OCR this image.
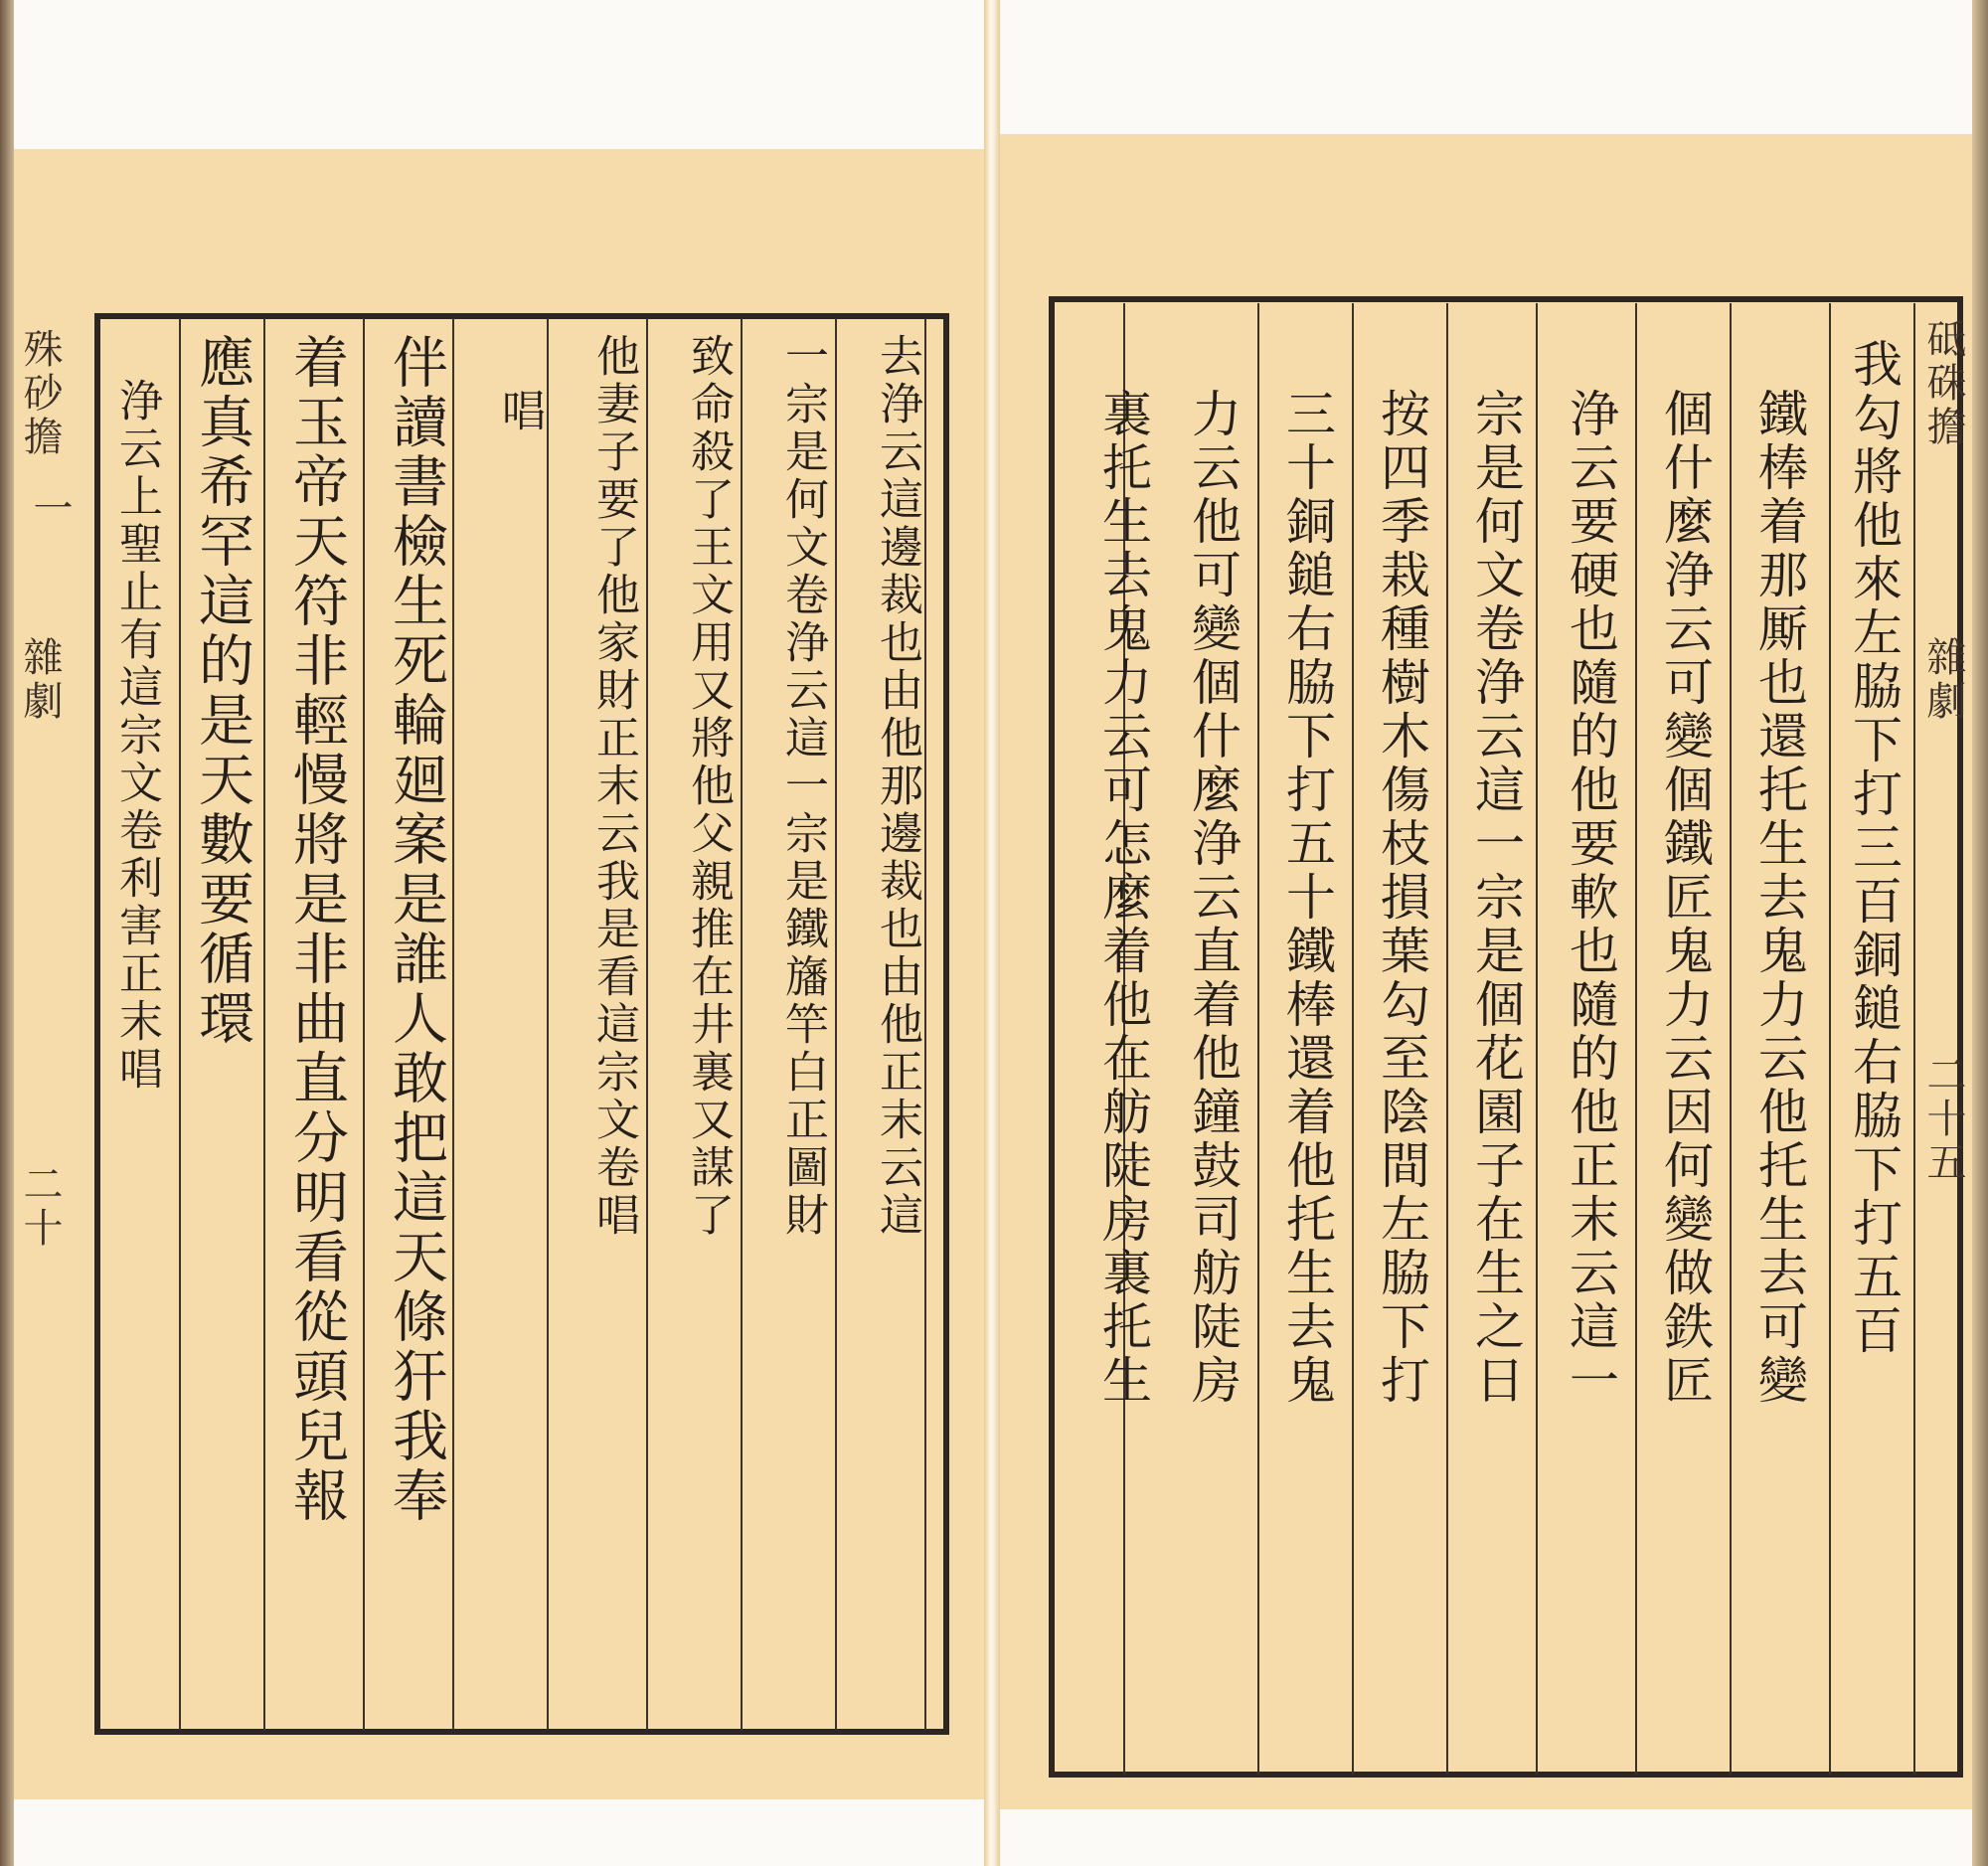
殊砂擔
一
雜劇
二十	去浄云這邊裁也由他那邊裁也由他正末云這
一宗是何文卷浄云這一宗是鐵旛竿白正圖財
致命殺了王文用又將他父親推在井裏又謀了
他妻子要了他家財正末云我是看這宗文卷唱
唱
伴讀書檢生死輪廻案是誰人敢把這天條犴我奉
着玉帝天符非輕慢將是非曲直分明看從頭兒報
應真希罕這的是天數要循環
浄云上聖止有這宗文卷利害正末唱	砥硃擔
雜劇
二十五
我勾將他來左脇下打三百銅鎚右脇下打五百
鐵棒着那厮也還托生去鬼力云他托生去可變
個什麼浄云可變個鐵匠鬼力云因何變做鉄匠
浄云要硬也隨的他要軟也隨的他正末云這一
宗是何文卷浄云這一宗是個花園子在生之日
按四季栽種樹木傷枝損葉勾至陰間左脇下打
三十銅鎚右脇下打五十鐵棒還着他托生去鬼
力云他可變個什麼浄云直着他鐘鼓司舫陡房
裏托生去鬼力云可怎麼着他在舫陡房裏托生
